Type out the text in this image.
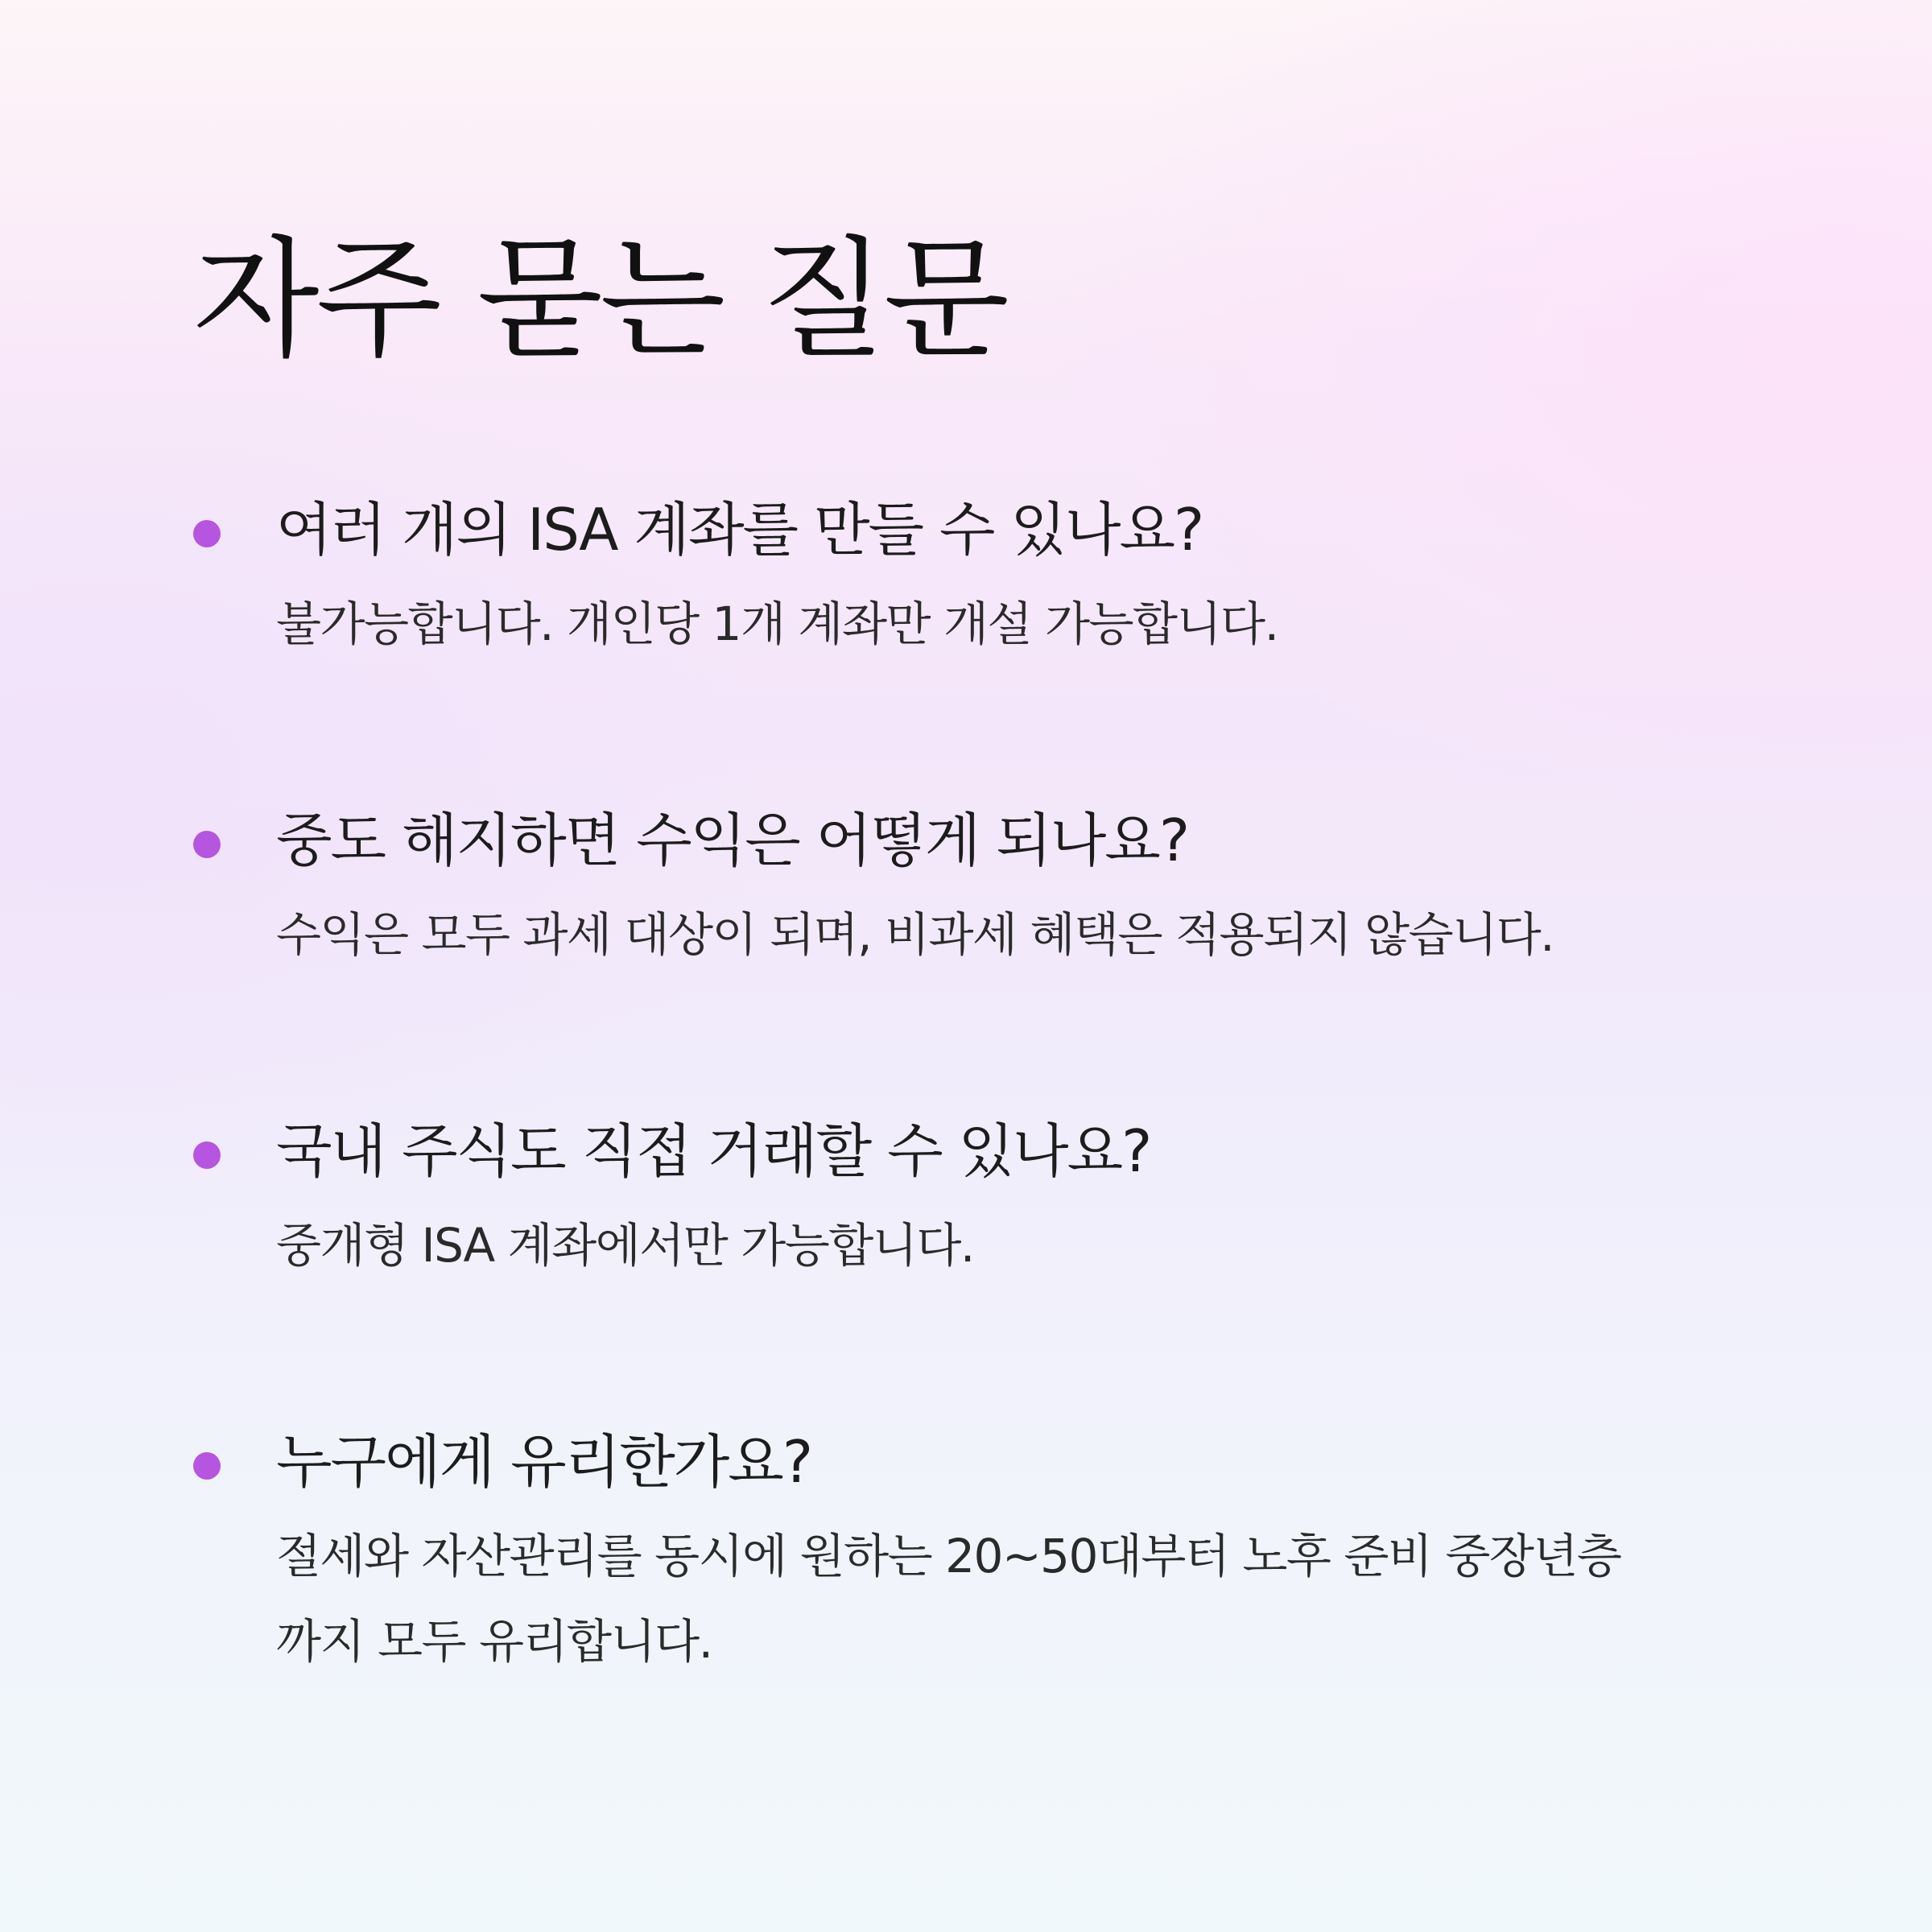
자주 묻는 질문
여러 개의 ISA 계좌를 만들 수 있나요?
불가능합니다. 개인당 1개 계좌만 개설 가능합니다.
중도 해지하면 수익은 어떻게 되나요?
수익은 모두 과세 대상이 되며, 비과세 혜택은 적용되지 않습니다.
국내 주식도 직접 거래할 수 있나요?
중개형 ISA 계좌에서만 가능합니다.
누구에게 유리한가요?
절세와 자산관리를 동시에 원하는 20~50대부터 노후 준비 중장년층
까지 모두 유리합니다.
